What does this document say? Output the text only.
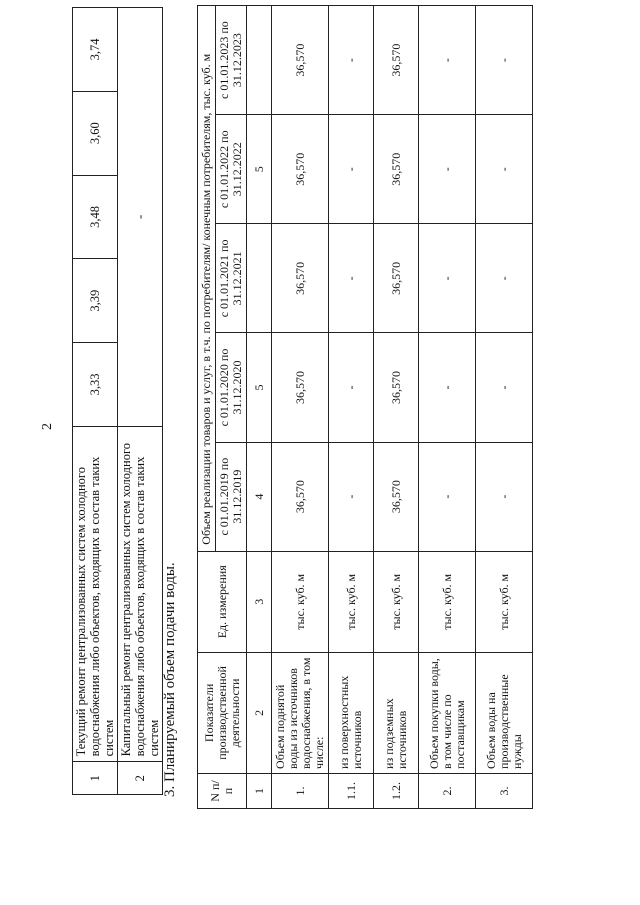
2
1	Текущий ремонт централизованных систем холодного водоснабжения либо объектов, входящих в состав таких систем	3,33	3,39	3,48	3,60	3,74
2	Капитальный ремонт централизованных систем холодного водоснабжения либо объектов, входящих в состав таких систем	-				
3. Планируемый объем подачи воды.	N п/п	Показатели производственной деятельности	Ед. измерения	Объем реализации товаров и услуг, в т.ч. по потребителям/ конечным потребителям, тыс. куб. м				
			с 01.01.2019 по 31.12.2019	с 01.01.2020 по 31.12.2020	с 01.01.2021 по 31.12.2021	с 01.01.2022 по 31.12.2022	с 01.01.2023 по 31.12.2023
1	2	3	4	5		5	
1.	Объем поднятой воды из источников водоснабжения, в том числе:	тыс. куб. м	36,570	36,570	36,570	36,570	36,570
1.1.	из поверхностных источников	тыс. куб. м	-	-	-	-	-
1.2.	из подземных источников	тыс. куб. м	36,570	36,570	36,570	36,570	36,570
2.	Объем покупки воды, в том числе по поставщикам	тыс. куб. м	-	-	-	-	-
3.	Объем воды на производственные нужды	тыс. куб. м	-	-	-	-	-
